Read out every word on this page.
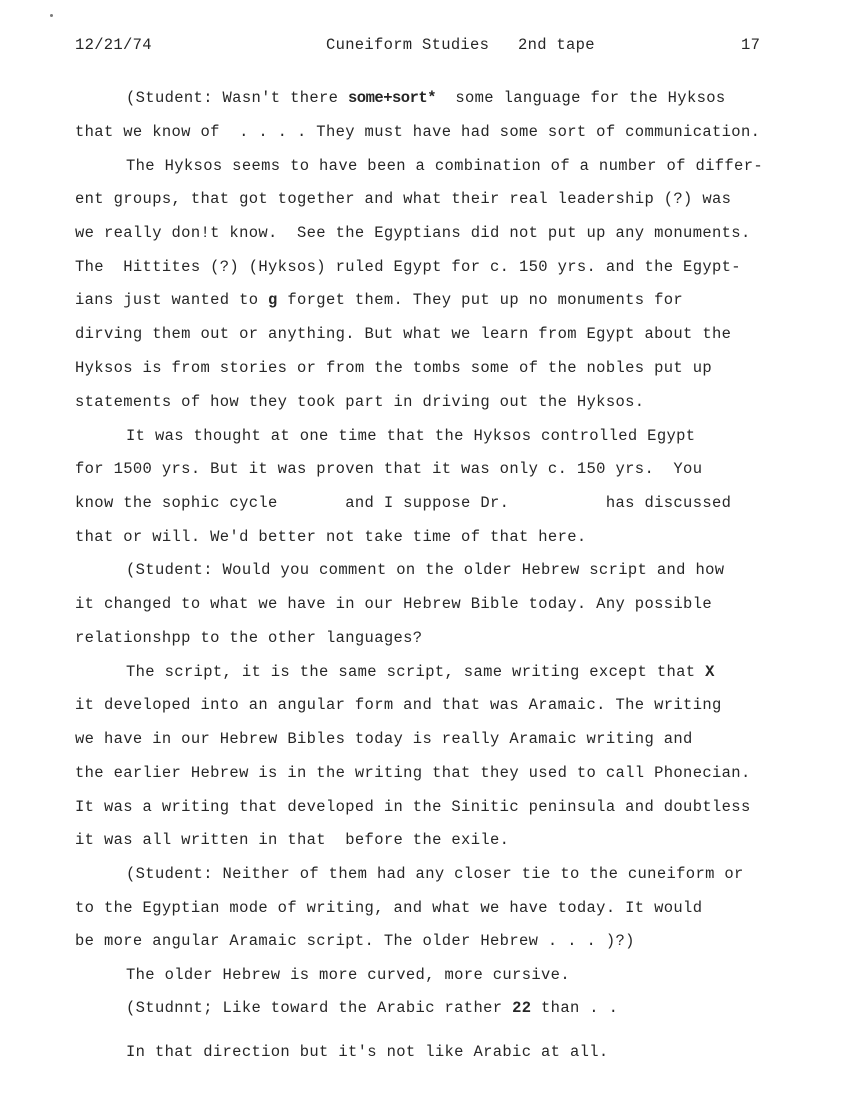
12/21/74	Cuneiform Studies   2nd tape	17
(Student: Wasn't there some+sort*  some language for the Hyksos
that we know of  . . . . They must have had some sort of communication.
The Hyksos seems to have been a combination of a number of differ-
ent groups, that got together and what their real leadership (?) was
we really don!t know.  See the Egyptians did not put up any monuments.
The  Hittites (?) (Hyksos) ruled Egypt for c. 150 yrs. and the Egypt-
ians just wanted to g forget them. They put up no monuments for
dirving them out or anything. But what we learn from Egypt about the
Hyksos is from stories or from the tombs some of the nobles put up
statements of how they took part in driving out the Hyksos.
It was thought at one time that the Hyksos controlled Egypt
for 1500 yrs. But it was proven that it was only c. 150 yrs.  You
know the sophic cycle       and I suppose Dr.          has discussed
that or will. We'd better not take time of that here.
(Student: Would you comment on the older Hebrew script and how
it changed to what we have in our Hebrew Bible today. Any possible
relationshpp to the other languages?
The script, it is the same script, same writing except that X
it developed into an angular form and that was Aramaic. The writing
we have in our Hebrew Bibles today is really Aramaic writing and
the earlier Hebrew is in the writing that they used to call Phonecian.
It was a writing that developed in the Sinitic peninsula and doubtless
it was all written in that  before the exile.
(Student: Neither of them had any closer tie to the cuneiform or
to the Egyptian mode of writing, and what we have today. It would
be more angular Aramaic script. The older Hebrew . . . )?)
The older Hebrew is more curved, more cursive.
(Studnnt; Like toward the Arabic rather 22 than . .
In that direction but it's not like Arabic at all.
